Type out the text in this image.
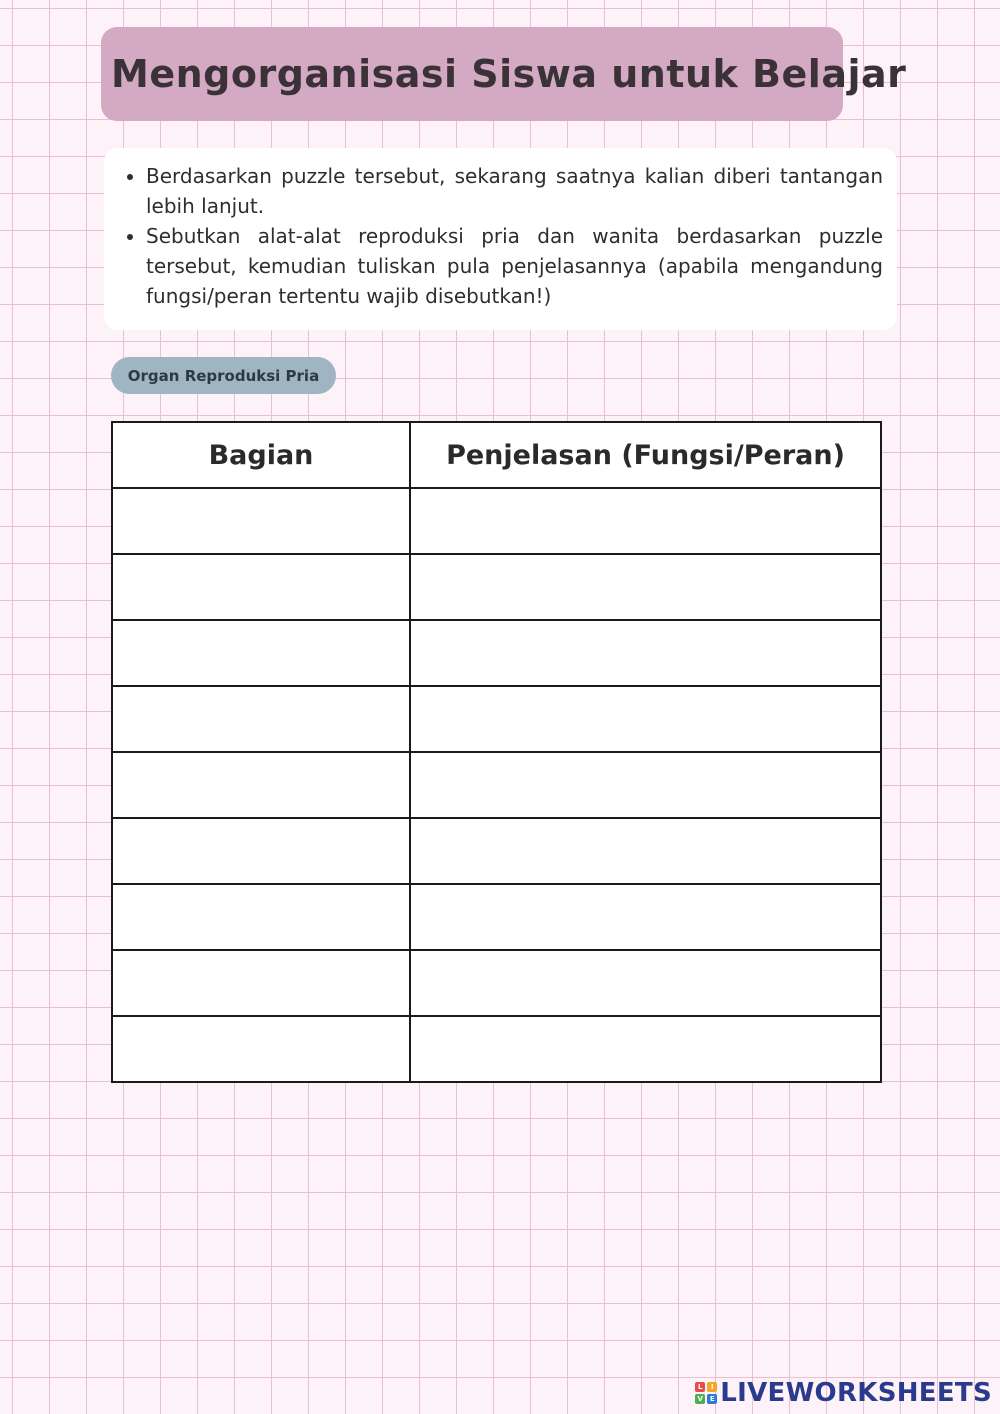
Mengorganisasi Siswa untuk Belajar
• Berdasarkan puzzle tersebut, sekarang saatnya kalian diberi tantangan lebih lanjut.
• Sebutkan alat-alat reproduksi pria dan wanita berdasarkan puzzle tersebut, kemudian tuliskan pula penjelasannya (apabila mengandung fungsi/peran tertentu wajib disebutkan!)
Organ Reproduksi Pria
Bagian	Penjelasan (Fungsi/Peran)

L	I
V E LIVEWORKSHEETS
